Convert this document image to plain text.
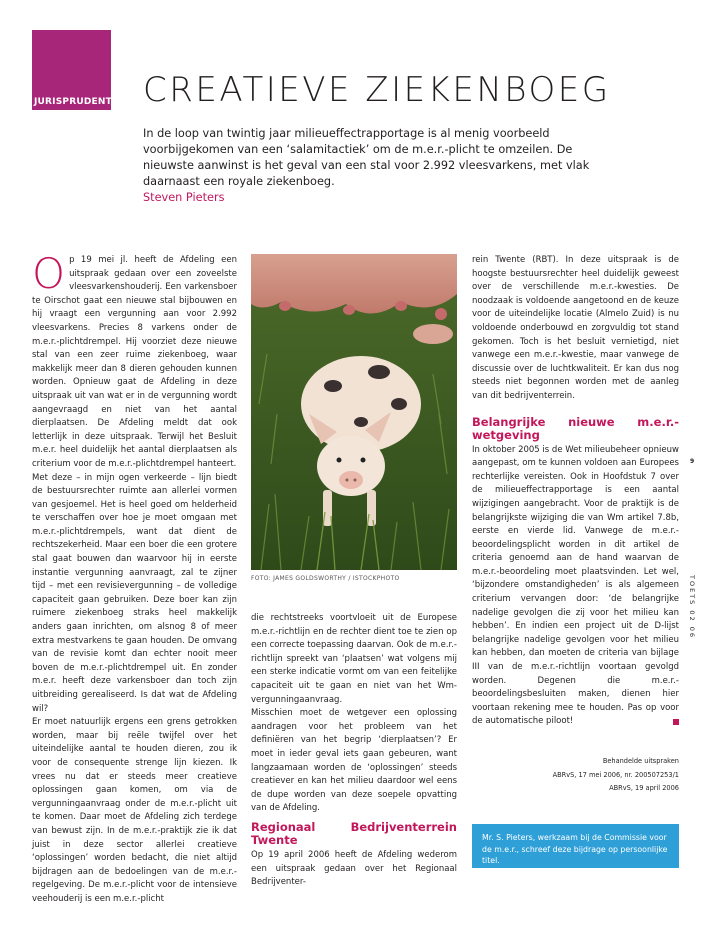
JURISPRUDENTIE CREATIEVE ZIEKENBOEG
In de loop van twintig jaar milieueffectrapportage is al menig voorbeeld voorbijgekomen van een ‘salamitactiek’ om de m.e.r.-plicht te omzeilen. De nieuwste aanwinst is het geval van een stal voor 2.992 vleesvarkens, met vlak daarnaast een royale ziekenboeg.
Steven Pieters

Op 19 mei jl. heeft de Afdeling een uitspraak gedaan over een zoveelste vleesvarkenshouderij. Een varkensboer te Oirschot gaat een nieuwe stal bijbouwen en hij vraagt een vergunning aan voor 2.992 vleesvarkens. Precies 8 varkens onder de m.e.r.-plichtdrempel. Hij voorziet deze nieuwe stal van een zeer ruime ziekenboeg, waar makkelijk meer dan 8 dieren gehouden kunnen worden. Opnieuw gaat de Afdeling in deze uitspraak uit van wat er in de vergunning wordt aangevraagd en niet van het aantal dierplaatsen. De Afdeling meldt dat ook letterlijk in deze uitspraak. Terwijl het Besluit m.e.r. heel duidelijk het aantal dierplaatsen als criterium voor de m.e.r.-plichtdrempel hanteert.

Met deze – in mijn ogen verkeerde – lijn biedt de bestuursrechter ruimte aan allerlei vormen van gesjoemel. Het is heel goed om helderheid te verschaffen over hoe je moet omgaan met m.e.r.-plichtdrempels, want dat dient de rechtszekerheid. Maar een boer die een grotere stal gaat bouwen dan waarvoor hij in eerste instantie vergunning aanvraagt, zal te zijner tijd – met een revisievergunning – de volledige capaciteit gaan gebruiken. Deze boer kan zijn ruimere ziekenboeg straks heel makkelijk anders gaan inrichten, om alsnog 8 of meer extra mestvarkens te gaan houden. De omvang van de revisie komt dan echter nooit meer boven de m.e.r.-plichtdrempel uit. En zonder m.e.r. heeft deze varkensboer dan toch zijn uitbreiding gerealiseerd. Is dat wat de Afdeling wil?

Er moet natuurlijk ergens een grens getrokken worden, maar bij reële twijfel over het uiteindelijke aantal te houden dieren, zou ik voor de consequente strenge lijn kiezen. Ik vrees nu dat er steeds meer creatieve oplossingen gaan komen, om via de vergunningaanvraag onder de m.e.r.-plicht uit te komen. Daar moet de Afdeling zich terdege van bewust zijn. In de m.e.r.-praktijk zie ik dat juist in deze sector allerlei creatieve ‘oplossingen’ worden bedacht, die niet altijd bijdragen aan de bedoelingen van de m.e.r.-regelgeving. De m.e.r.-plicht voor de intensieve veehouderij is een m.e.r.-plicht

FOTO: JAMES GOLDSWORTHY / ISTOCKPHOTO

die rechtstreeks voortvloeit uit de Europese m.e.r.-richtlijn en de rechter dient toe te zien op een correcte toepassing daarvan. Ook de m.e.r.-richtlijn spreekt van ‘plaatsen’ wat volgens mij een sterke indicatie vormt om van een feitelijke capaciteit uit te gaan en niet van het Wm-vergunningaanvraag.

Misschien moet de wetgever een oplossing aandragen voor het probleem van het definiëren van het begrip ‘dierplaatsen’? Er moet in ieder geval iets gaan gebeuren, want langzaamaan worden de ‘oplossingen’ steeds creatiever en kan het milieu daardoor wel eens de dupe worden van deze soepele opvatting van de Afdeling.

Regionaal Bedrijventerrein Twente

Op 19 april 2006 heeft de Afdeling wederom een uitspraak gedaan over het Regionaal Bedrijventer-

rein Twente (RBT). In deze uitspraak is de hoogste bestuursrechter heel duidelijk geweest over de verschillende m.e.r.-kwesties. De noodzaak is voldoende aangetoond en de keuze voor de uiteindelijke locatie (Almelo Zuid) is nu voldoende onderbouwd en zorgvuldig tot stand gekomen. Toch is het besluit vernietigd, niet vanwege een m.e.r.-kwestie, maar vanwege de discussie over de luchtkwaliteit. Er kan dus nog steeds niet begonnen worden met de aanleg van dit bedrijventerrein.

Belangrijke nieuwe m.e.r.-wetgeving

In oktober 2005 is de Wet milieubeheer opnieuw aangepast, om te kunnen voldoen aan Europees rechterlijke vereisten. Ook in Hoofdstuk 7 over de milieueffectrapportage is een aantal wijzigingen aangebracht. Voor de praktijk is de belangrijkste wijziging die van Wm artikel 7.8b, eerste en vierde lid. Vanwege de m.e.r.-beoordelingsplicht worden in dit artikel de criteria genoemd aan de hand waarvan de m.e.r.-beoordeling moet plaatsvinden. Let wel, ‘bijzondere omstandigheden’ is als algemeen criterium vervangen door: ‘de belangrijke nadelige gevolgen die zij voor het milieu kan hebben’. En indien een project uit de D-lijst belangrijke nadelige gevolgen voor het milieu kan hebben, dan moeten de criteria van bijlage III van de m.e.r.-richtlijn voortaan gevolgd worden. Degenen die m.e.r.-beoordelingsbesluiten maken, dienen hier voortaan rekening mee te houden. Pas op voor de automatische piloot!

Behandelde uitspraken
ABRvS, 17 mei 2006, nr. 200507253/1
ABRvS, 19 april 2006
Mr. S. Pieters, werkzaam bij de Commissie voor de m.e.r., schreef deze bijdrage op persoonlijke titel.
9
TOETS 02 06
